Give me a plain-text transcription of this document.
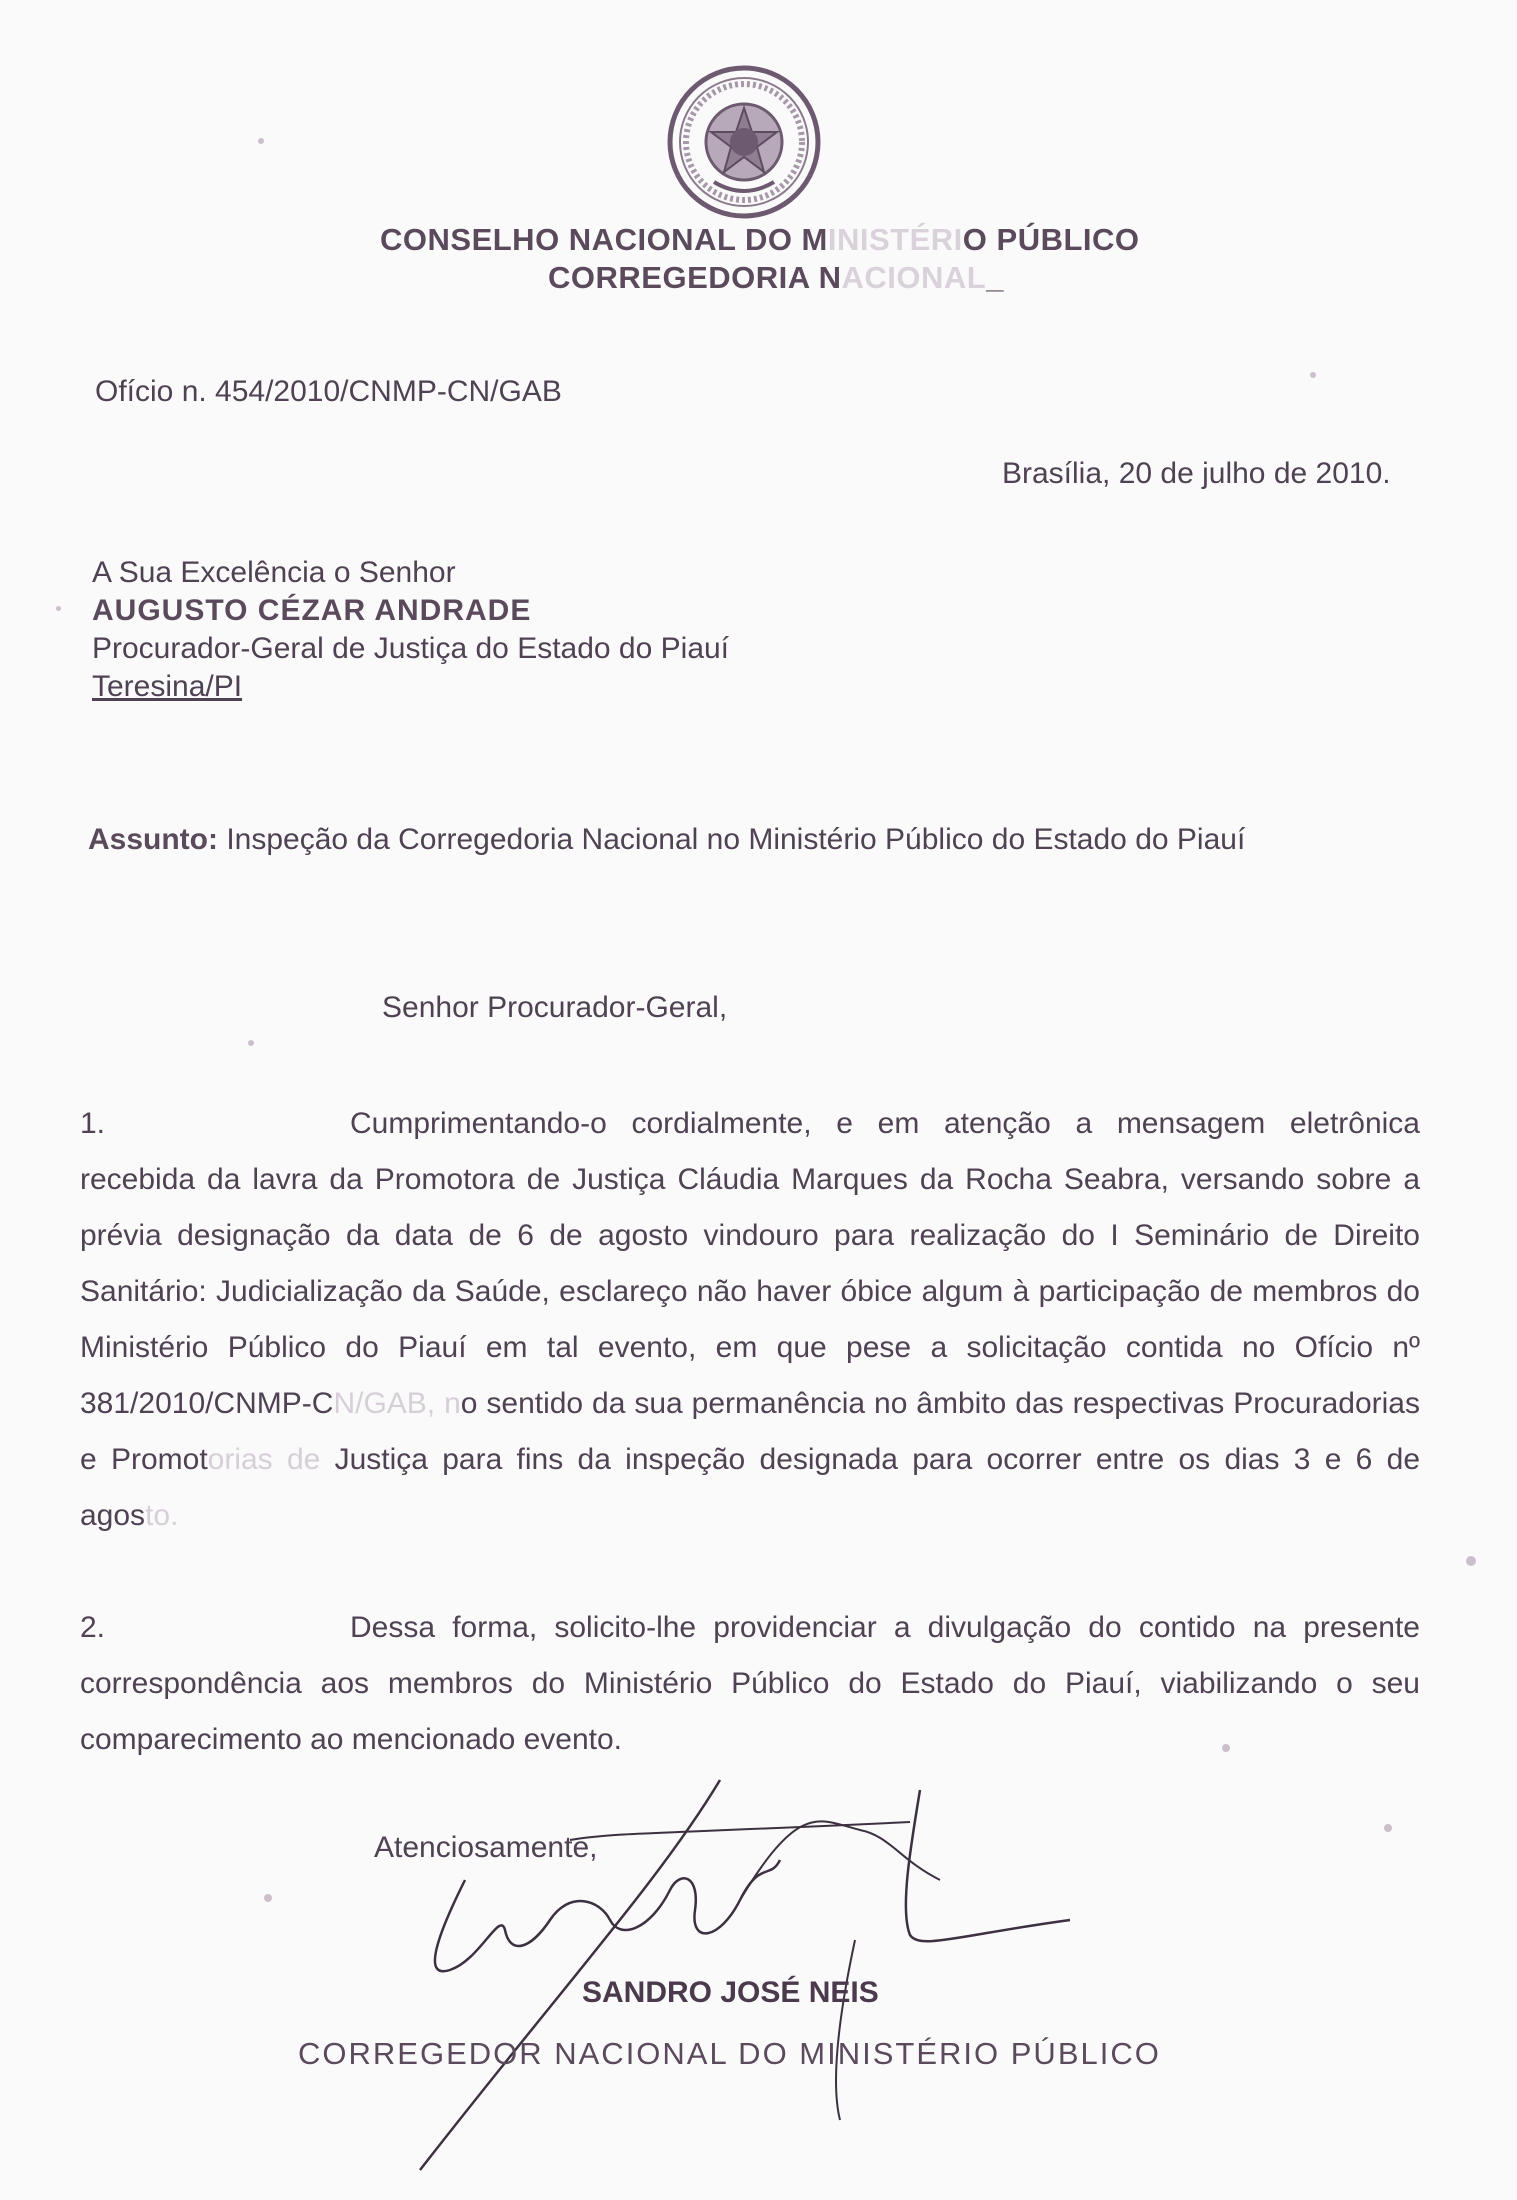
CONSELHO NACIONAL DO MINISTÉRIO PÚBLICO
CORREGEDORIA NACIONAL_
Ofício n. 454/2010/CNMP-CN/GAB
Brasília, 20 de julho de 2010.
A Sua Excelência o Senhor
AUGUSTO CÉZAR ANDRADE
Procurador-Geral de Justiça do Estado do Piauí
Teresina/PI
Assunto: Inspeção da Corregedoria Nacional no Ministério Público do Estado do Piauí
Senhor Procurador-Geral,
1.	Cumprimentando-o cordialmente, e em atenção a mensagem eletrônica recebida da lavra da Promotora de Justiça Cláudia Marques da Rocha Seabra, versando sobre a prévia designação da data de 6 de agosto vindouro para realização do I Seminário de Direito Sanitário: Judicialização da Saúde, esclareço não haver óbice algum à participação de membros do Ministério Público do Piauí em tal evento, em que pese a solicitação contida no Ofício nº 381/2010/CNMP-CN/GAB, no sentido da sua permanência no âmbito das respectivas Procuradorias e Promotorias de Justiça para fins da inspeção designada para ocorrer entre os dias 3 e 6 de agosto.
2.	Dessa forma, solicito-lhe providenciar a divulgação do contido na presente correspondência aos membros do Ministério Público do Estado do Piauí, viabilizando o seu comparecimento ao mencionado evento.
Atenciosamente,
SANDRO JOSÉ NEIS
CORREGEDOR NACIONAL DO MINISTÉRIO PÚBLICO
